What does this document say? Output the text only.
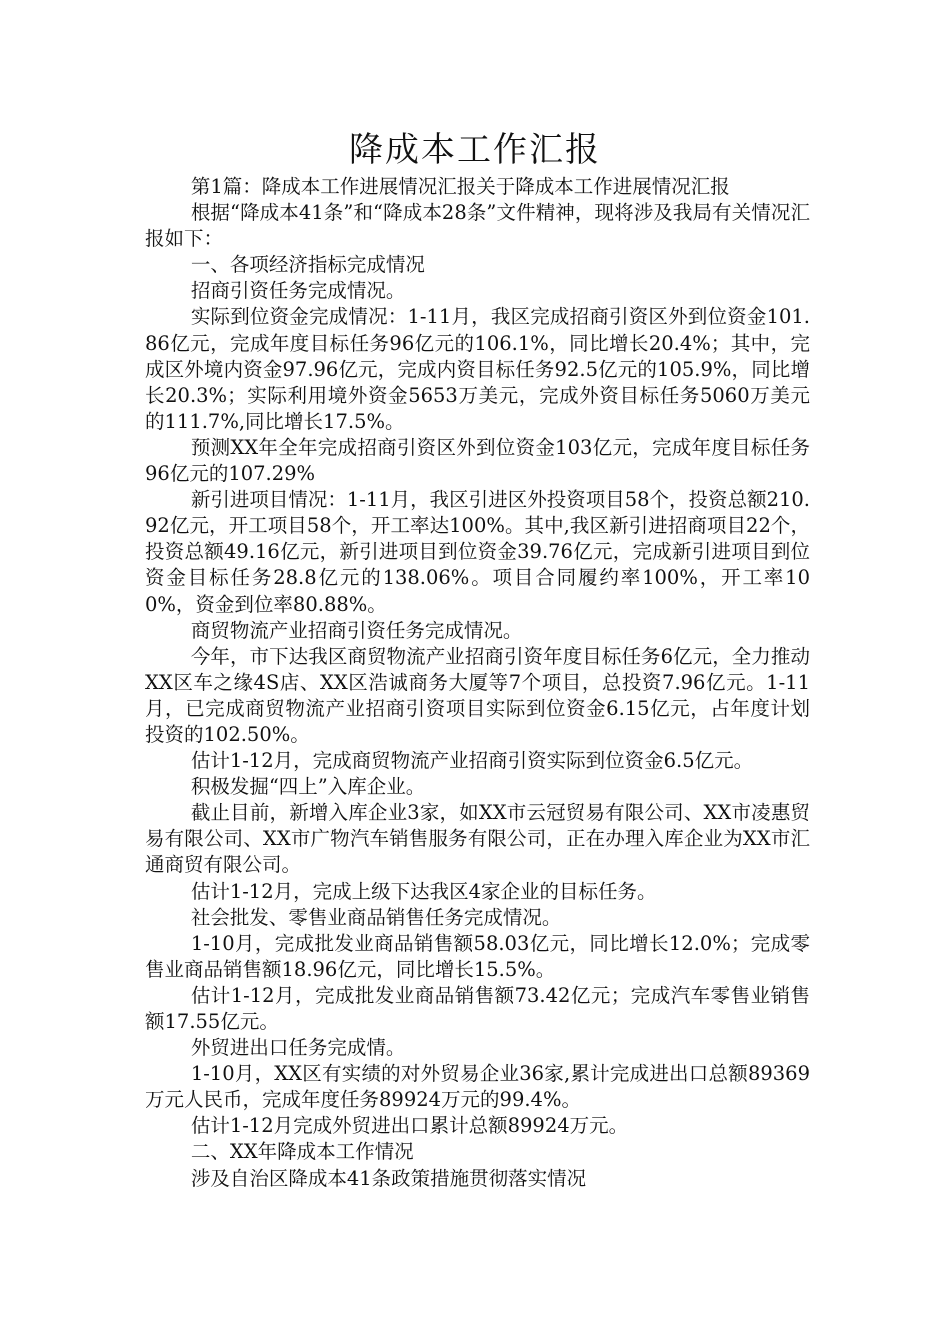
降成本工作汇报

第1篇：降成本工作进展情况汇报关于降成本工作进展情况汇报

根据“降成本41条”和“降成本28条”文件精神，现将涉及我局有关情况汇报如下：

一、各项经济指标完成情况

招商引资任务完成情况。

实际到位资金完成情况：1-11月，我区完成招商引资区外到位资金101.86亿元，完成年度目标任务96亿元的106.1%，同比增长20.4%；其中，完成区外境内资金97.96亿元，完成内资目标任务92.5亿元的105.9%，同比增长20.3%；实际利用境外资金5653万美元，完成外资目标任务5060万美元的111.7%,同比增长17.5%。

预测XX年全年完成招商引资区外到位资金103亿元，完成年度目标任务96亿元的107.29%

新引进项目情况：1-11月，我区引进区外投资项目58个，投资总额210.92亿元，开工项目58个，开工率达100%。其中,我区新引进招商项目22个，投资总额49.16亿元，新引进项目到位资金39.76亿元，完成新引进项目到位资金目标任务28.8亿元的138.06%。项目合同履约率100%，开工率100%，资金到位率80.88%。

商贸物流产业招商引资任务完成情况。

今年，市下达我区商贸物流产业招商引资年度目标任务6亿元，全力推动XX区车之缘4S店、XX区浩诚商务大厦等7个项目，总投资7.96亿元。1-11月，已完成商贸物流产业招商引资项目实际到位资金6.15亿元，占年度计划投资的102.50%。

估计1-12月，完成商贸物流产业招商引资实际到位资金6.5亿元。

积极发掘“四上”入库企业。

截止目前，新增入库企业3家，如XX市云冠贸易有限公司、XX市凌惠贸易有限公司、XX市广物汽车销售服务有限公司，正在办理入库企业为XX市汇通商贸有限公司。

估计1-12月，完成上级下达我区4家企业的目标任务。

社会批发、零售业商品销售任务完成情况。

1-10月，完成批发业商品销售额58.03亿元，同比增长12.0%；完成零售业商品销售额18.96亿元，同比增长15.5%。

估计1-12月，完成批发业商品销售额73.42亿元；完成汽车零售业销售额17.55亿元。

外贸进出口任务完成情。

1-10月，XX区有实绩的对外贸易企业36家,累计完成进出口总额89369万元人民币，完成年度任务89924万元的99.4%。

估计1-12月完成外贸进出口累计总额89924万元。

二、XX年降成本工作情况

涉及自治区降成本41条政策措施贯彻落实情况
